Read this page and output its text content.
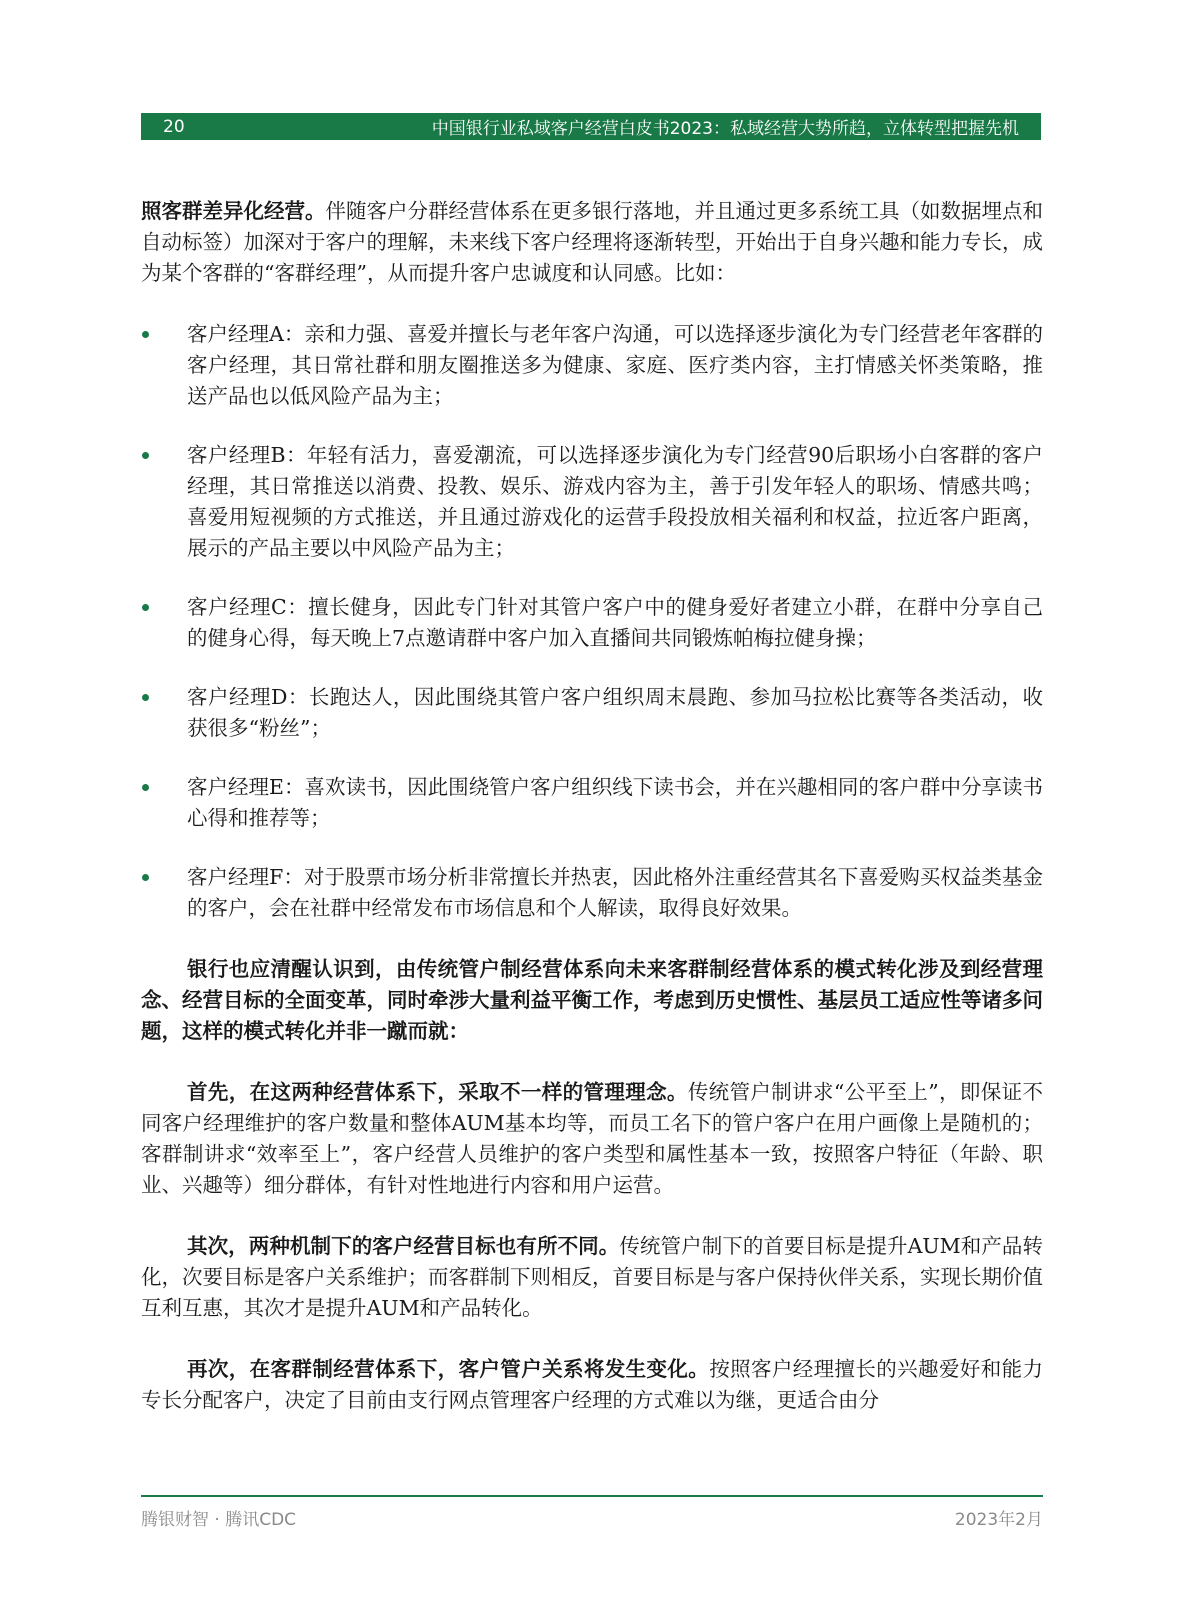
20	中国银行业私域客户经营白皮书2023：私域经营大势所趋，立体转型把握先机

照客群差异化经营。伴随客户分群经营体系在更多银行落地，并且通过更多系统工具（如数据埋点和自动标签）加深对于客户的理解，未来线下客户经理将逐渐转型，开始出于自身兴趣和能力专长，成为某个客群的“客群经理”，从而提升客户忠诚度和认同感。比如：

客户经理A：亲和力强、喜爱并擅长与老年客户沟通，可以选择逐步演化为专门经营老年客群的客户经理，其日常社群和朋友圈推送多为健康、家庭、医疗类内容，主打情感关怀类策略，推送产品也以低风险产品为主；
客户经理B：年轻有活力，喜爱潮流，可以选择逐步演化为专门经营90后职场小白客群的客户经理，其日常推送以消费、投教、娱乐、游戏内容为主，善于引发年轻人的职场、情感共鸣；喜爱用短视频的方式推送，并且通过游戏化的运营手段投放相关福利和权益，拉近客户距离，展示的产品主要以中风险产品为主；
客户经理C：擅长健身，因此专门针对其管户客户中的健身爱好者建立小群，在群中分享自己的健身心得，每天晚上7点邀请群中客户加入直播间共同锻炼帕梅拉健身操；
客户经理D：长跑达人，因此围绕其管户客户组织周末晨跑、参加马拉松比赛等各类活动，收获很多“粉丝”；
客户经理E：喜欢读书，因此围绕管户客户组织线下读书会，并在兴趣相同的客户群中分享读书心得和推荐等；
客户经理F：对于股票市场分析非常擅长并热衷，因此格外注重经营其名下喜爱购买权益类基金的客户，会在社群中经常发布市场信息和个人解读，取得良好效果。

银行也应清醒认识到，由传统管户制经营体系向未来客群制经营体系的模式转化涉及到经营理念、经营目标的全面变革，同时牵涉大量利益平衡工作，考虑到历史惯性、基层员工适应性等诸多问题，这样的模式转化并非一蹴而就：

首先，在这两种经营体系下，采取不一样的管理理念。传统管户制讲求“公平至上”，即保证不同客户经理维护的客户数量和整体AUM基本均等，而员工名下的管户客户在用户画像上是随机的；客群制讲求“效率至上”，客户经营人员维护的客户类型和属性基本一致，按照客户特征（年龄、职业、兴趣等）细分群体，有针对性地进行内容和用户运营。

其次，两种机制下的客户经营目标也有所不同。传统管户制下的首要目标是提升AUM和产品转化，次要目标是客户关系维护；而客群制下则相反，首要目标是与客户保持伙伴关系，实现长期价值互利互惠，其次才是提升AUM和产品转化。

再次，在客群制经营体系下，客户管户关系将发生变化。按照客户经理擅长的兴趣爱好和能力专长分配客户，决定了目前由支行网点管理客户经理的方式难以为继，更适合由分

腾银财智 · 腾讯CDC	2023年2月
